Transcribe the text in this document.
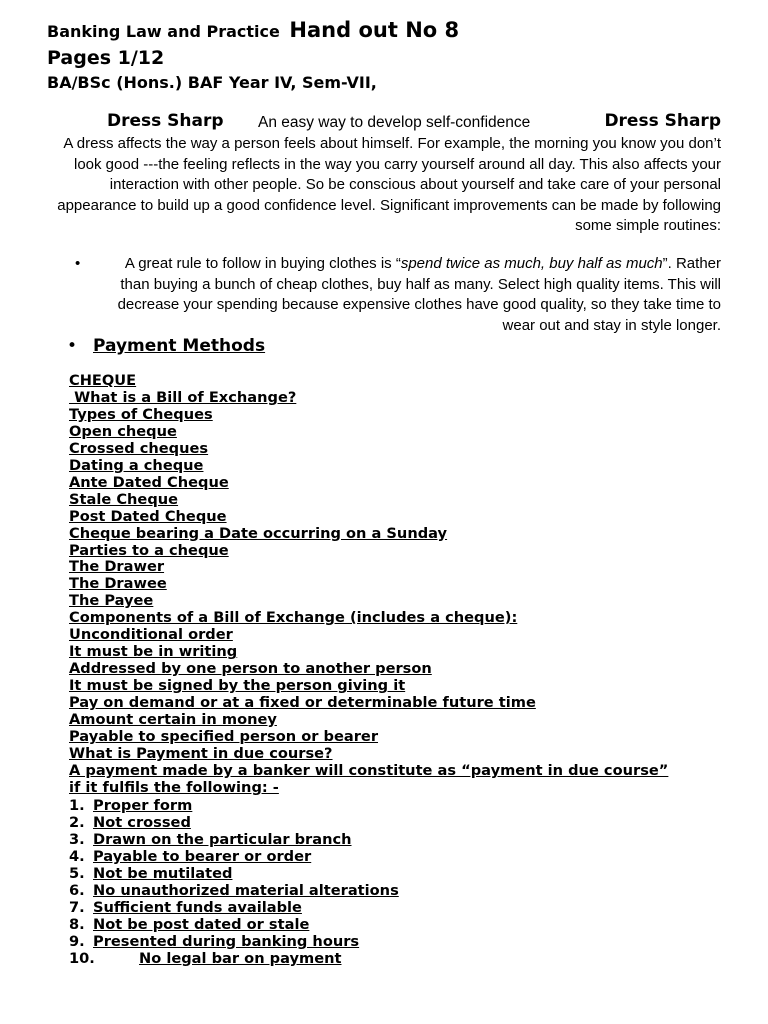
Banking Law and Practice Hand out No 8
Pages 1/12
BA/BSc (Hons.) BAF Year IV, Sem-VII,
Dress Sharp An easy way to develop self-confidence	Dress Sharp
A dress affects the way a person feels about himself. For example, the morning you know you don’t look good ---the feeling reflects in the way you carry yourself around all day. This also affects your interaction with other people. So be conscious about yourself and take care of your personal appearance to build up a good confidence level. Significant improvements can be made by following some simple routines:
•	A great rule to follow in buying clothes is “spend twice as much, buy half as much”. Rather than buying a bunch of cheap clothes, buy half as many. Select high quality items. This will decrease your spending because expensive clothes have good quality, so they take time to wear out and stay in style longer.
• Payment Methods
CHEQUE
What is a Bill of Exchange?
Types of Cheques
Open cheque
Crossed cheques
Dating a cheque
Ante Dated Cheque
Stale Cheque
Post Dated Cheque
Cheque bearing a Date occurring on a Sunday
Parties to a cheque
The Drawer
The Drawee
The Payee
Components of a Bill of Exchange (includes a cheque):
Unconditional order
It must be in writing
Addressed by one person to another person
It must be signed by the person giving it
Pay on demand or at a fixed or determinable future time
Amount certain in money
Payable to specified person or bearer
What is Payment in due course?
A payment made by a banker will constitute as “payment in due course”
if it fulfils the following: -
1. Proper form
2. Not crossed
3. Drawn on the particular branch
4. Payable to bearer or order
5. Not be mutilated
6. No unauthorized material alterations
7. Sufficient funds available
8. Not be post dated or stale
9. Presented during banking hours
10.	No legal bar on payment
